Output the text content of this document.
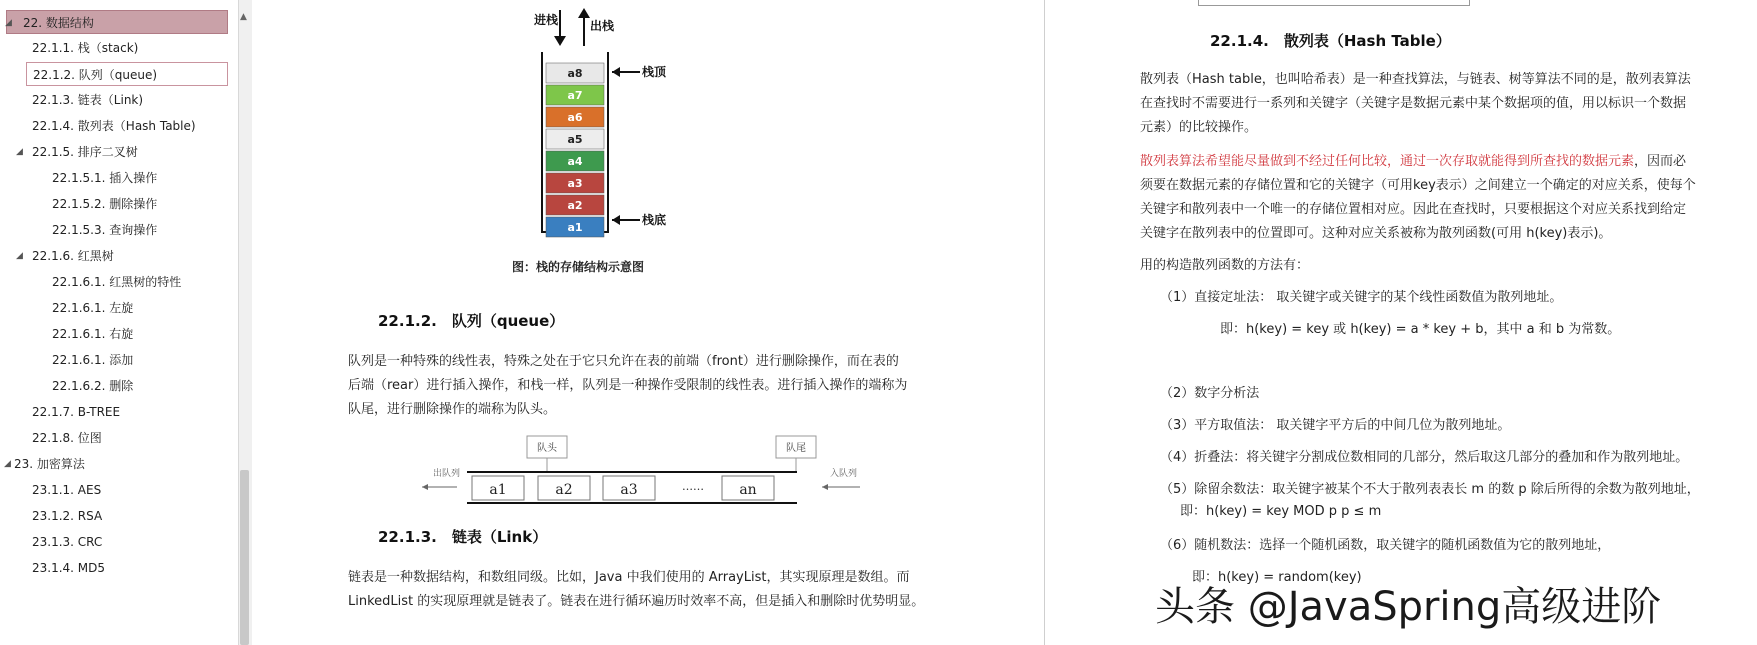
◢ 22. 数据结构
22.1.1. 栈（stack)
22.1.2. 队列（queue)
22.1.3. 链表（Link)
22.1.4. 散列表（Hash Table)
◢ 22.1.5. 排序二叉树
22.1.5.1. 插入操作
22.1.5.2. 删除操作
22.1.5.3. 查询操作
◢ 22.1.6. 红黑树
22.1.6.1. 红黑树的特性
22.1.6.1. 左旋
22.1.6.1. 右旋
22.1.6.1. 添加
22.1.6.2. 删除
22.1.7. B-TREE
22.1.8. 位图
◢ 23. 加密算法
23.1.1. AES
23.1.2. RSA
23.1.3. CRC
23.1.4. MD5
▲	进栈	出栈
a8
a7
a6
a5
a4
a3
a2
a1
栈顶
栈底
队头	队尾
a1	a2	a3	……	an
出队列	入队列
图：栈的存储结构示意图
22.1.2.　队列（queue）
队列是一种特殊的线性表，特殊之处在于它只允许在表的前端（front）进行删除操作，而在表的
后端（rear）进行插入操作，和栈一样，队列是一种操作受限制的线性表。进行插入操作的端称为
队尾，进行删除操作的端称为队头。
22.1.3.　链表（Link）
链表是一种数据结构，和数组同级。比如，Java 中我们使用的 ArrayList，其实现原理是数组。而
LinkedList 的实现原理就是链表了。链表在进行循环遍历时效率不高，但是插入和删除时优势明显。
22.1.4.　散列表（Hash Table）
散列表（Hash table，也叫哈希表）是一种查找算法，与链表、树等算法不同的是，散列表算法
在查找时不需要进行一系列和关键字（关键字是数据元素中某个数据项的值，用以标识一个数据
元素）的比较操作。
散列表算法希望能尽量做到不经过任何比较，通过一次存取就能得到所查找的数据元素，因而必
须要在数据元素的存储位置和它的关键字（可用key表示）之间建立一个确定的对应关系，使每个
关键字和散列表中一个唯一的存储位置相对应。因此在查找时，只要根据这个对应关系找到给定
关键字在散列表中的位置即可。这种对应关系被称为散列函数(可用 h(key)表示)。
用的构造散列函数的方法有：
（1）直接定址法： 取关键字或关键字的某个线性函数值为散列地址。
即：h(key) = key 或 h(key) = a * key + b，其中 a 和 b 为常数。
（2）数字分析法
（3）平方取值法： 取关键字平方后的中间几位为散列地址。
（4）折叠法：将关键字分割成位数相同的几部分，然后取这几部分的叠加和作为散列地址。
（5）除留余数法：取关键字被某个不大于散列表表长 m 的数 p 除后所得的余数为散列地址，
即：h(key) = key MOD p p ≤ m
（6）随机数法：选择一个随机函数，取关键字的随机函数值为它的散列地址，
即：h(key) = random(key)
头条 @JavaSpring高级进阶
